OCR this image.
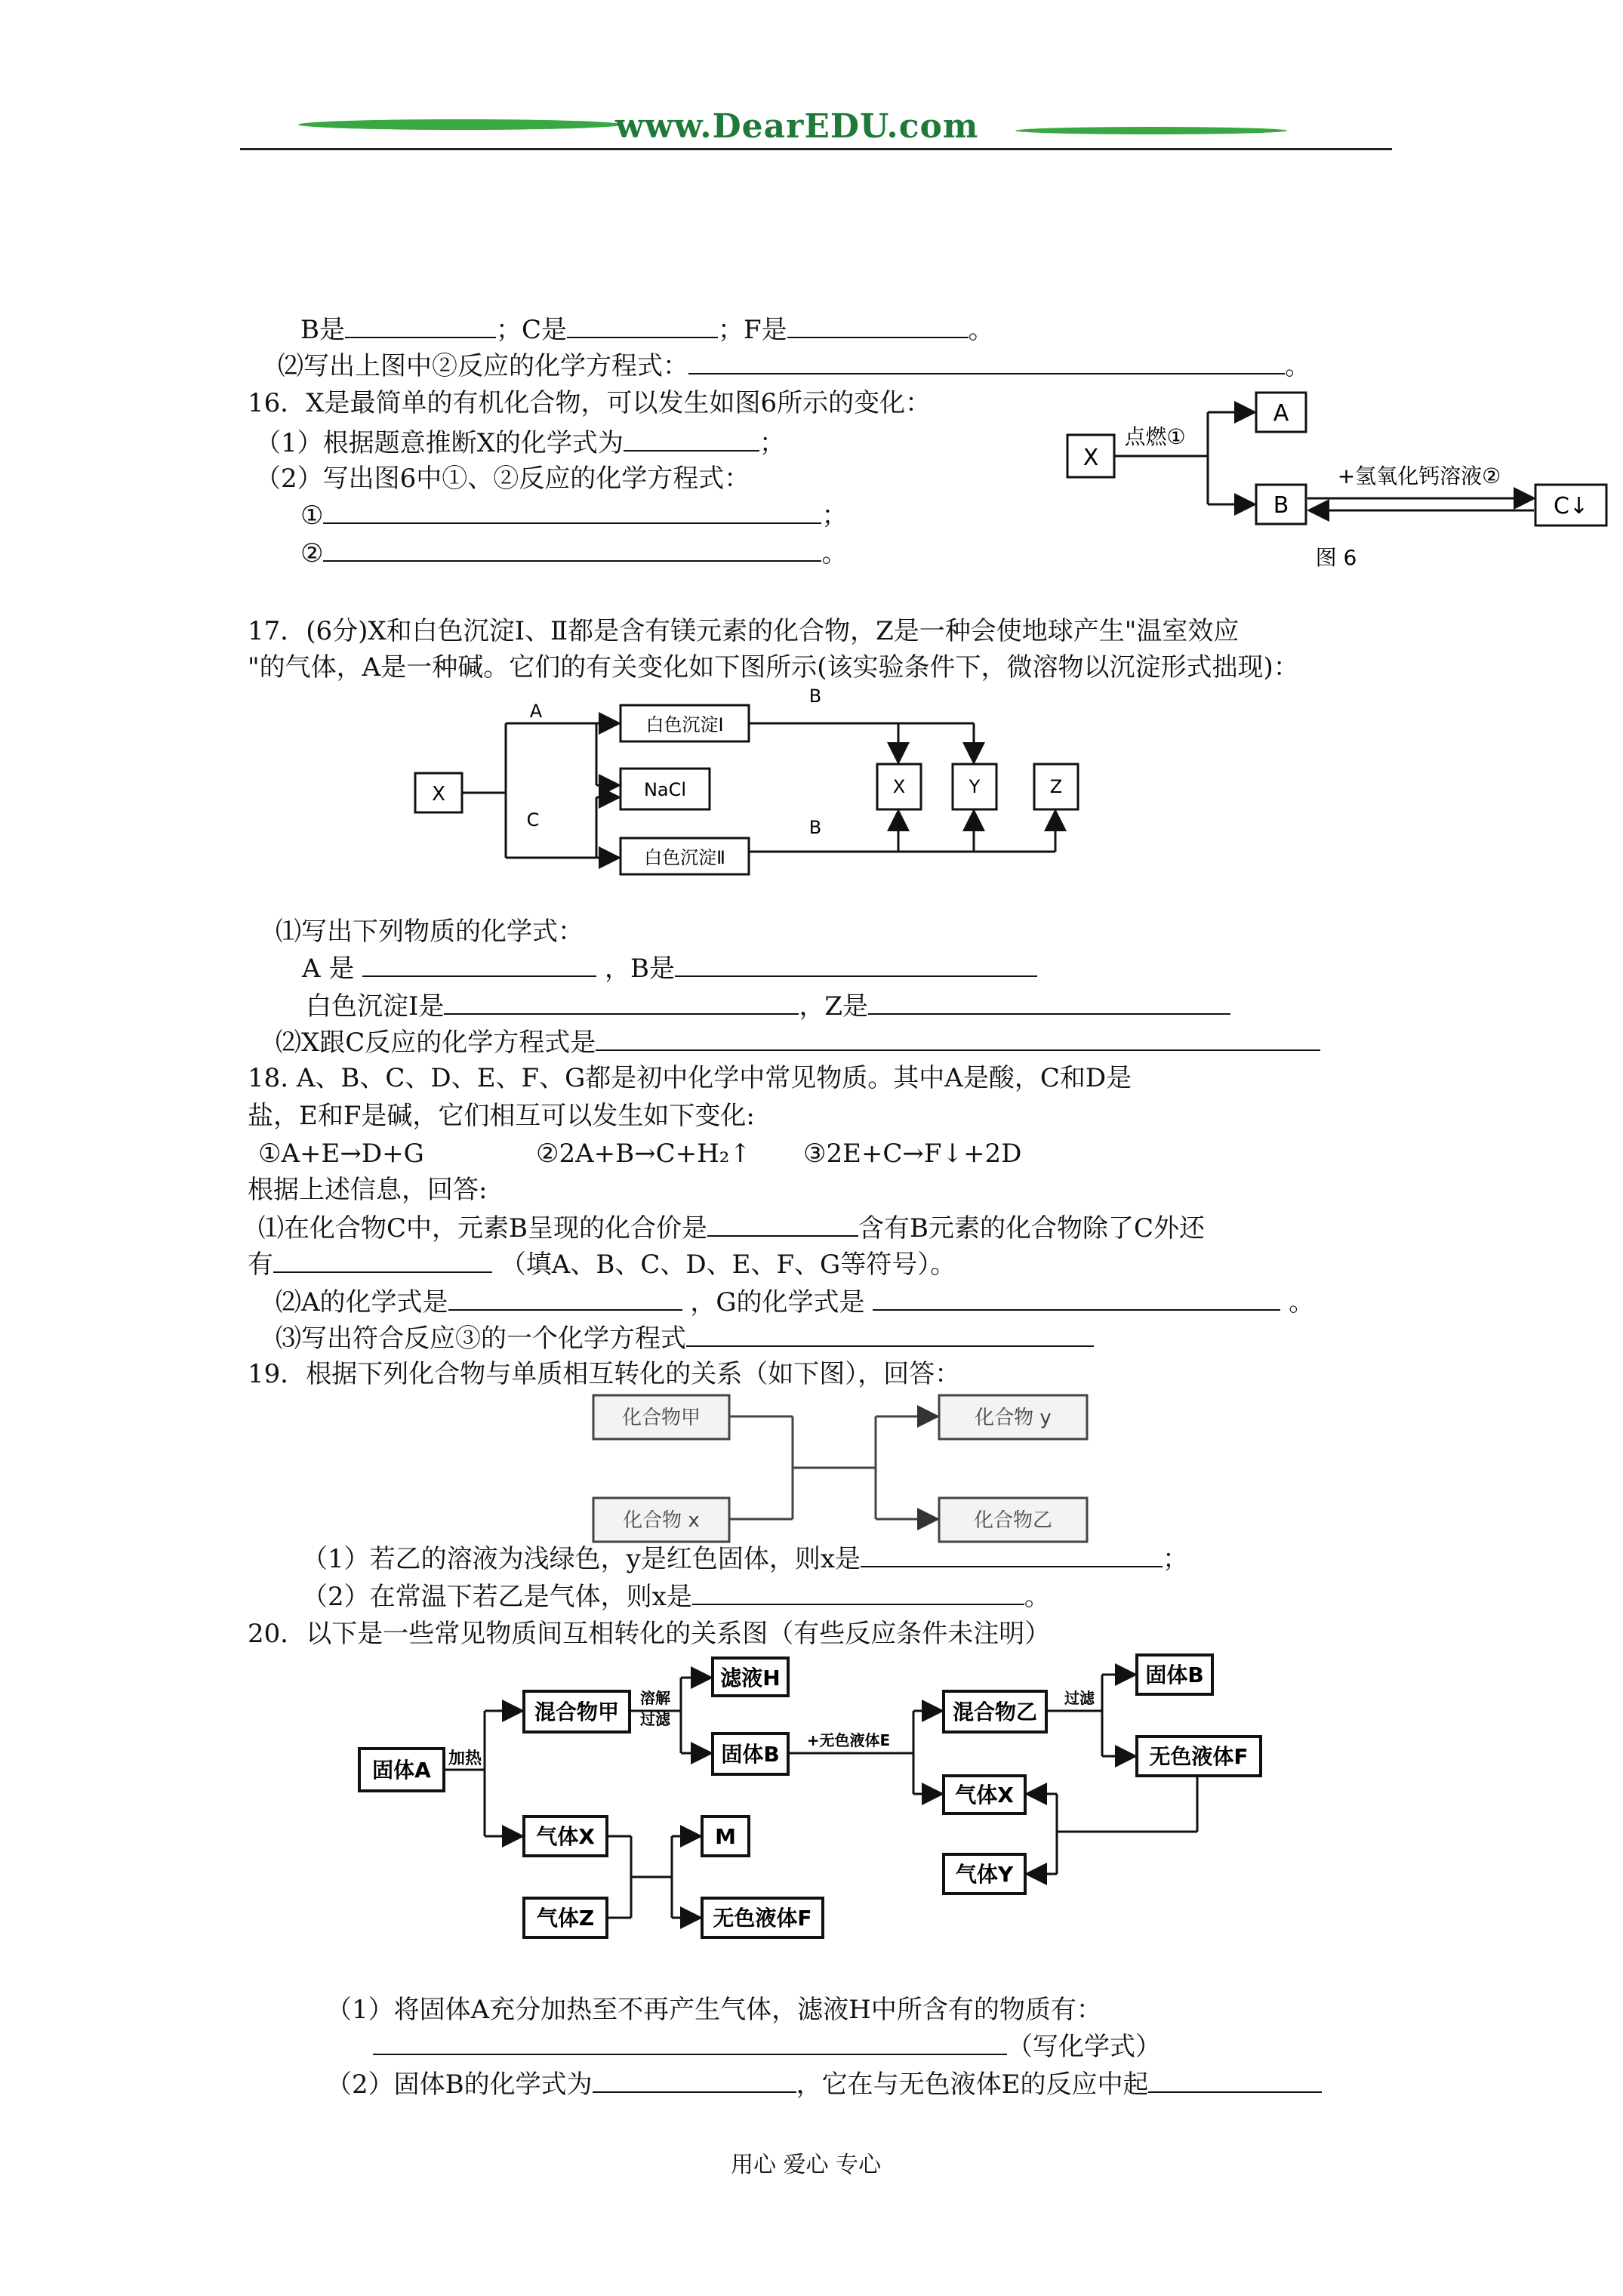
www.DearEDU.com
B是	；C是	；F是	。
⑵写出上图中②反应的化学方程式：	。
16．X是最简单的有机化合物，可以发生如图6所示的变化：
（1）根据题意推断X的化学式为	；
（2）写出图6中①、②反应的化学方程式：
①	；
②	。
X
点燃①
A
B
+氢氧化钙溶液②
C↓
图 6
17．(6分)X和白色沉淀Ⅰ、Ⅱ都是含有镁元素的化合物，Z是一种会使地球产生"温室效应
"的气体，A是一种碱。它们的有关变化如下图所示(该实验条件下，微溶物以沉淀形式拙现)：
X
A
C
白色沉淀Ⅰ
NaCl
白色沉淀Ⅱ
B
B
X	Y	Z
⑴写出下列物质的化学式：
A 是	，B是
白色沉淀Ⅰ是	，Z是
⑵X跟C反应的化学方程式是
18. A、B、C、D、E、F、G都是初中化学中常见物质。其中A是酸，C和D是
盐，E和F是碱，它们相互可以发生如下变化:
①A+E→D+G	②2A+B→C+H₂↑ ③2E+C→F↓+2D
根据上述信息，回答:
⑴在化合物C中，元素B呈现的化合价是	含有B元素的化合物除了C外还
有	（填A、B、C、D、E、F、G等符号）。
⑵A的化学式是	，G的化学式是	。
⑶写出符合反应③的一个化学方程式
19．根据下列化合物与单质相互转化的关系（如下图），回答：
化合物甲
化合物 x
化合物 y
化合物乙
（1）若乙的溶液为浅绿色，y是红色固体，则x是	；
（2）在常温下若乙是气体，则x是	。
20．以下是一些常见物质间互相转化的关系图（有些反应条件未注明）
固体A 加热
混合物甲
溶解
过滤
滤液H
固体B
+无色液体E
混合物乙
过滤
固体B
无色液体F
气体X
气体Y
气体X
气体Z
M
无色液体F
（1）将固体A充分加热至不再产生气体，滤液H中所含有的物质有：
（写化学式）
（2）固体B的化学式为	，它在与无色液体E的反应中起
用心 爱心 专心
